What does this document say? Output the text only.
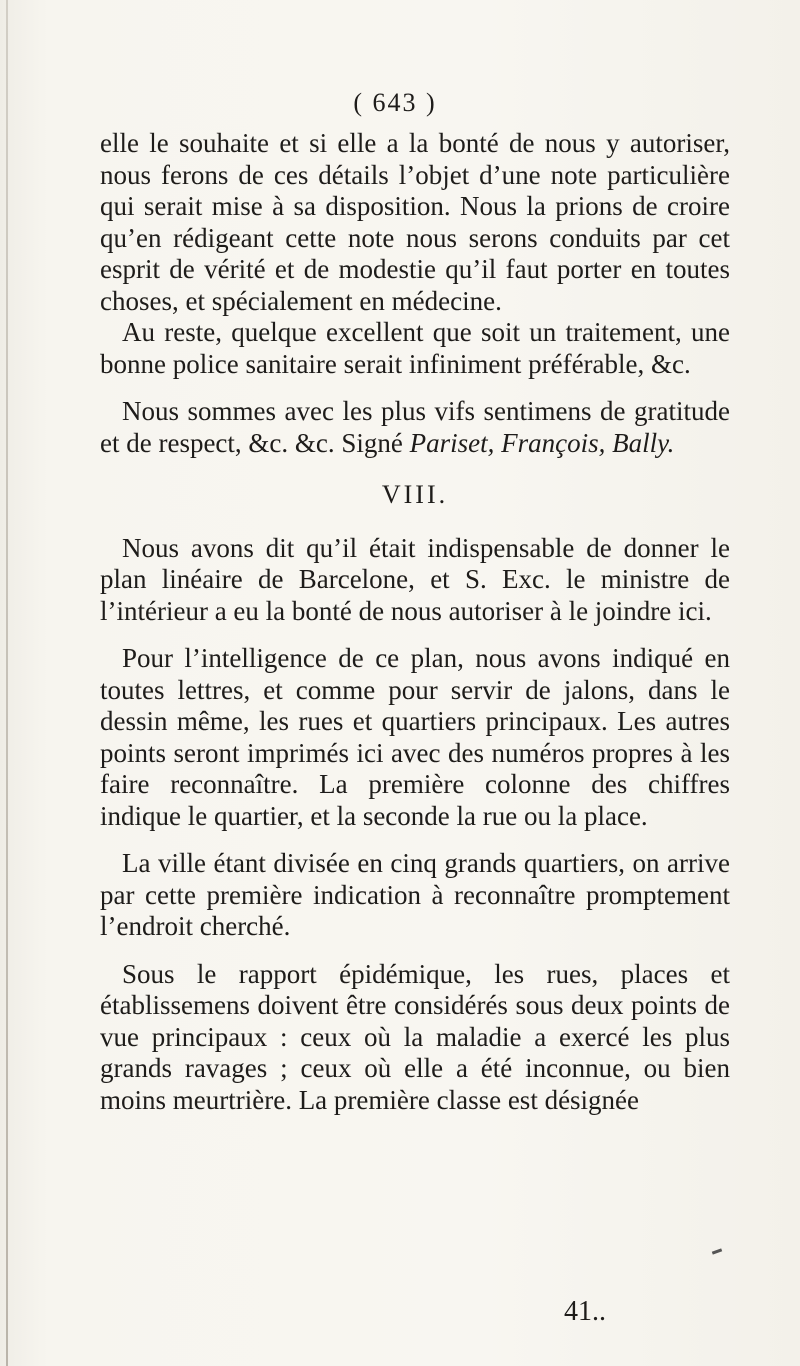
( 643 )

elle le souhaite et si elle a la bonté de nous y autoriser, nous ferons de ces détails l’objet d’une note particulière qui serait mise à sa disposition. Nous la prions de croire qu’en rédigeant cette note nous serons conduits par cet esprit de vérité et de modestie qu’il faut porter en toutes choses, et spécialement en médecine.

Au reste, quelque excellent que soit un traitement, une bonne police sanitaire serait infiniment préférable, &c.

Nous sommes avec les plus vifs sentimens de gratitude et de respect, &c. &c. Signé Pariset, François, Bally.

VIII.

Nous avons dit qu’il était indispensable de donner le plan linéaire de Barcelone, et S. Exc. le ministre de l’intérieur a eu la bonté de nous autoriser à le joindre ici.

Pour l’intelligence de ce plan, nous avons indiqué en toutes lettres, et comme pour servir de jalons, dans le dessin même, les rues et quartiers principaux. Les autres points seront imprimés ici avec des numéros propres à les faire reconnaître. La première colonne des chiffres indique le quartier, et la seconde la rue ou la place.

La ville étant divisée en cinq grands quartiers, on arrive par cette première indication à reconnaître promptement l’endroit cherché.

Sous le rapport épidémique, les rues, places et établissemens doivent être considérés sous deux points de vue principaux : ceux où la maladie a exercé les plus grands ravages ; ceux où elle a été inconnue, ou bien moins meurtrière. La première classe est désignée

41..
